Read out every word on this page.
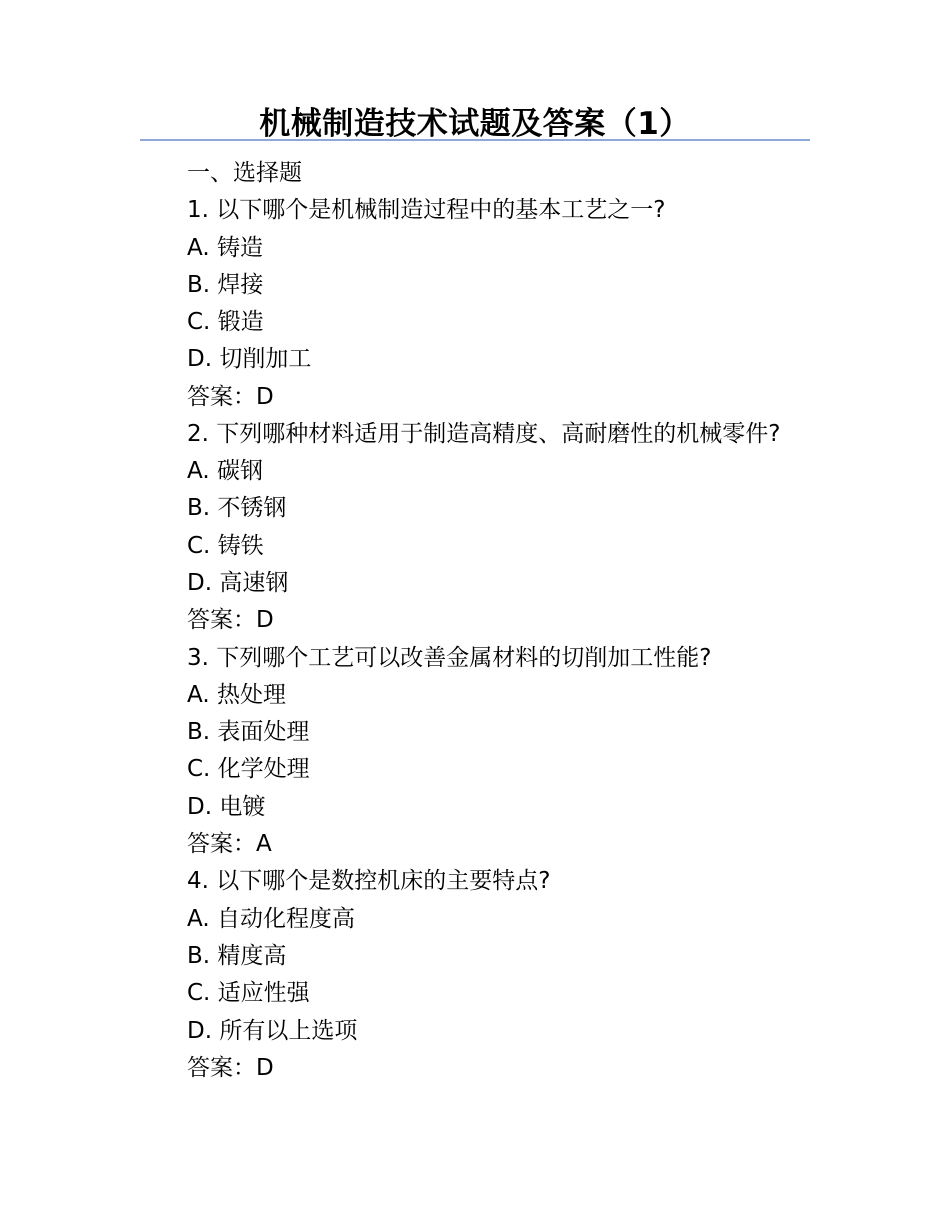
机械制造技术试题及答案（1）

一、选择题

1. 以下哪个是机械制造过程中的基本工艺之一?

A. 铸造

B. 焊接

C. 锻造

D. 切削加工

答案：D

2. 下列哪种材料适用于制造高精度、高耐磨性的机械零件?

A. 碳钢

B. 不锈钢

C. 铸铁

D. 高速钢

答案：D

3. 下列哪个工艺可以改善金属材料的切削加工性能?

A. 热处理

B. 表面处理

C. 化学处理

D. 电镀

答案：A

4. 以下哪个是数控机床的主要特点?

A. 自动化程度高

B. 精度高

C. 适应性强

D. 所有以上选项

答案：D
